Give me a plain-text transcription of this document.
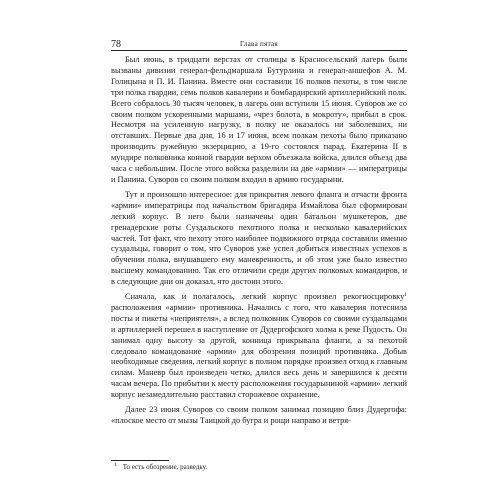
78	Глава пятая

Был июнь, в тридцати верстах от столицы в Красносельский лагерь были вызваны дивизии генерал-фельдмаршала Бутурлина и генерал-аншефов А. М. Голицына и П. И. Панина. Вместе они составили 16 полков пехоты, в том числе три полка гвардии, семь полков кавалерии и бомбардирский артиллерийский полк. Всего собралось 30 тысяч человек, в лагерь они вступили 15 июня. Суворов же со своим полком ускоренными маршами, «чрез болота, в мокроту», прибыл в срок. Несмотря на усиленную нагрузку, в полку не оказалось ни заболевших, ни отставших. Первые два дня, 16 и 17 июня, всем полкам пехоты было приказано производить ружейную экзерцицию, а 19-го состоялся парад. Екатерина II в мундире полковника конной гвардии верхом объезжала войска, длился объезд два часа с небольшим. После этого войска разделили на две «армии» — императрицы и Панина. Суворов со своим полком входил в армию государыни.

Тут и произошло интересное: для прикрытия левого фланга и отчасти фронта «армии» императрицы под начальством бригадира Измайлова был сформирован легкий корпус. В него были назначены один батальон мушкетеров, две гренадерские роты Суздальского пехотного полка и несколько кавалерийских частей. Тот факт, что пехоту этого наиболее подвижного отряда составили именно суздальцы, говорит о том, что Суворов уже успел добиться известных успехов в обучении полка, внушавшего ему маневренность, и об этом уже было известно высшему командованию. Так его отличили среди других полковых командиров, и в следующие дни он доказал, что достоин этого.

Сначала, как и полагалось, легкий корпус произвел рекогносцировку$^1$ расположения «армии» противника. Начались с того, что кавалерия потеснила посты и пикеты «неприятеля», а вслед полковник Суворов со своими суздальцами и артиллерией перешел в наступление от Дудергофского холма к реке Пудость. Он занимал одну высоту за другой, конница прикрывала фланги, а за пехотой следовало командование «армии» для обозрения позиций противника. Добыв необходимые сведения, легкий корпус в полном порядке произвел отход к главным силам. Маневр был произведен четко, длился весь день и завершился к десяти часам вечера. По прибытии к месту расположения государыниной «армии» легкий корпус незамедлительно расставил сторожевое охранение.

Далее 23 июня Суворов со своим полком занимал позицию близ Дудергофа: «плоское место от мызы Таицкой до бугра и рощи направо и ветря-

$^1$ То есть обозрение, разведку.
